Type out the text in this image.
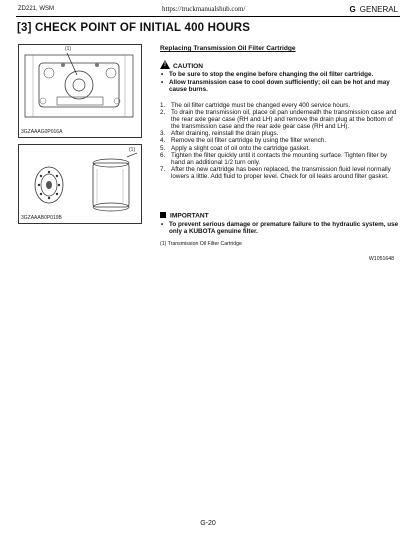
ZD221, WSM	https://truckmanualshub.com/	G GENERAL
[3] CHECK POINT OF INITIAL 400 HOURS
(1)
3GZAAAG0P016A
(1)
3GZAAAB0P019B
Replacing Transmission Oil Filter Cartridge
! CAUTION
• To be sure to stop the engine before changing the oil filter cartridge.
• Allow transmission case to cool down sufficiently; oil can be hot and may cause burns.
1. The oil filter cartridge must be changed every 400 service hours.
2. To drain the transmission oil, place oil pan underneath the transmission case and the rear axle gear case (RH and LH) and remove the drain plug at the bottom of the transmission case and the rear axle gear case (RH and LH).
3. After draining, reinstall the drain plugs.
4. Remove the oil filter cartridge by using the filter wrench.
5. Apply a slight coat of oil onto the cartridge gasket.
6. Tighten the filter quickly until it contacts the mounting surface. Tighten filter by hand an additional 1/2 turn only.
7. After the new cartridge has been replaced, the transmission fluid level normally lowers a little. Add fluid to proper level. Check for oil leaks around filter gasket.
IMPORTANT
• To prevent serious damage or premature failure to the hydraulic system, use only a KUBOTA genuine filter.
(1) Transmission Oil Filter Cartridge
W1051648
G-20
